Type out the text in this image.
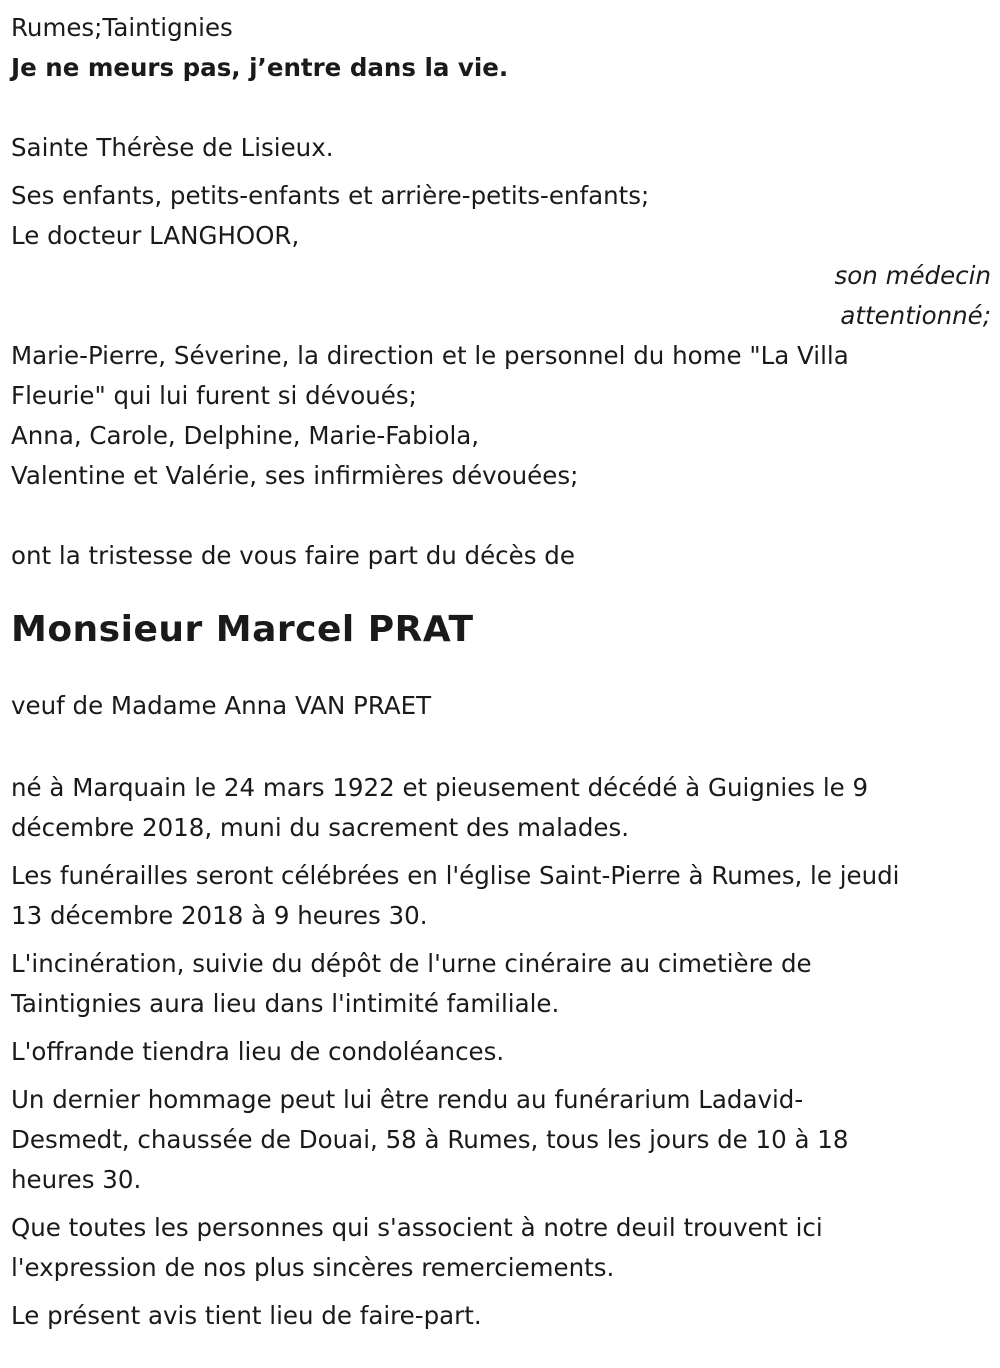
Rumes;Taintignies

Je ne meurs pas, j’entre dans la vie.

Sainte Thérèse de Lisieux.

Ses enfants, petits-enfants et arrière-petits-enfants;

Le docteur LANGHOOR,

son médecin

attentionné;

Marie-Pierre, Séverine, la direction et le personnel du home "La Villa

Fleurie" qui lui furent si dévoués;

Anna, Carole, Delphine, Marie-Fabiola,

Valentine et Valérie, ses infirmières dévouées;

ont la tristesse de vous faire part du décès de

Monsieur Marcel PRAT

veuf de Madame Anna VAN PRAET

né à Marquain le 24 mars 1922 et pieusement décédé à Guignies le 9

décembre 2018, muni du sacrement des malades.

Les funérailles seront célébrées en l'église Saint-Pierre à Rumes, le jeudi

13 décembre 2018 à 9 heures 30.

L'incinération, suivie du dépôt de l'urne cinéraire au cimetière de

Taintignies aura lieu dans l'intimité familiale.

L'offrande tiendra lieu de condoléances.

Un dernier hommage peut lui être rendu au funérarium Ladavid-

Desmedt, chaussée de Douai, 58 à Rumes, tous les jours de 10 à 18

heures 30.

Que toutes les personnes qui s'associent à notre deuil trouvent ici

l'expression de nos plus sincères remerciements.

Le présent avis tient lieu de faire-part.
